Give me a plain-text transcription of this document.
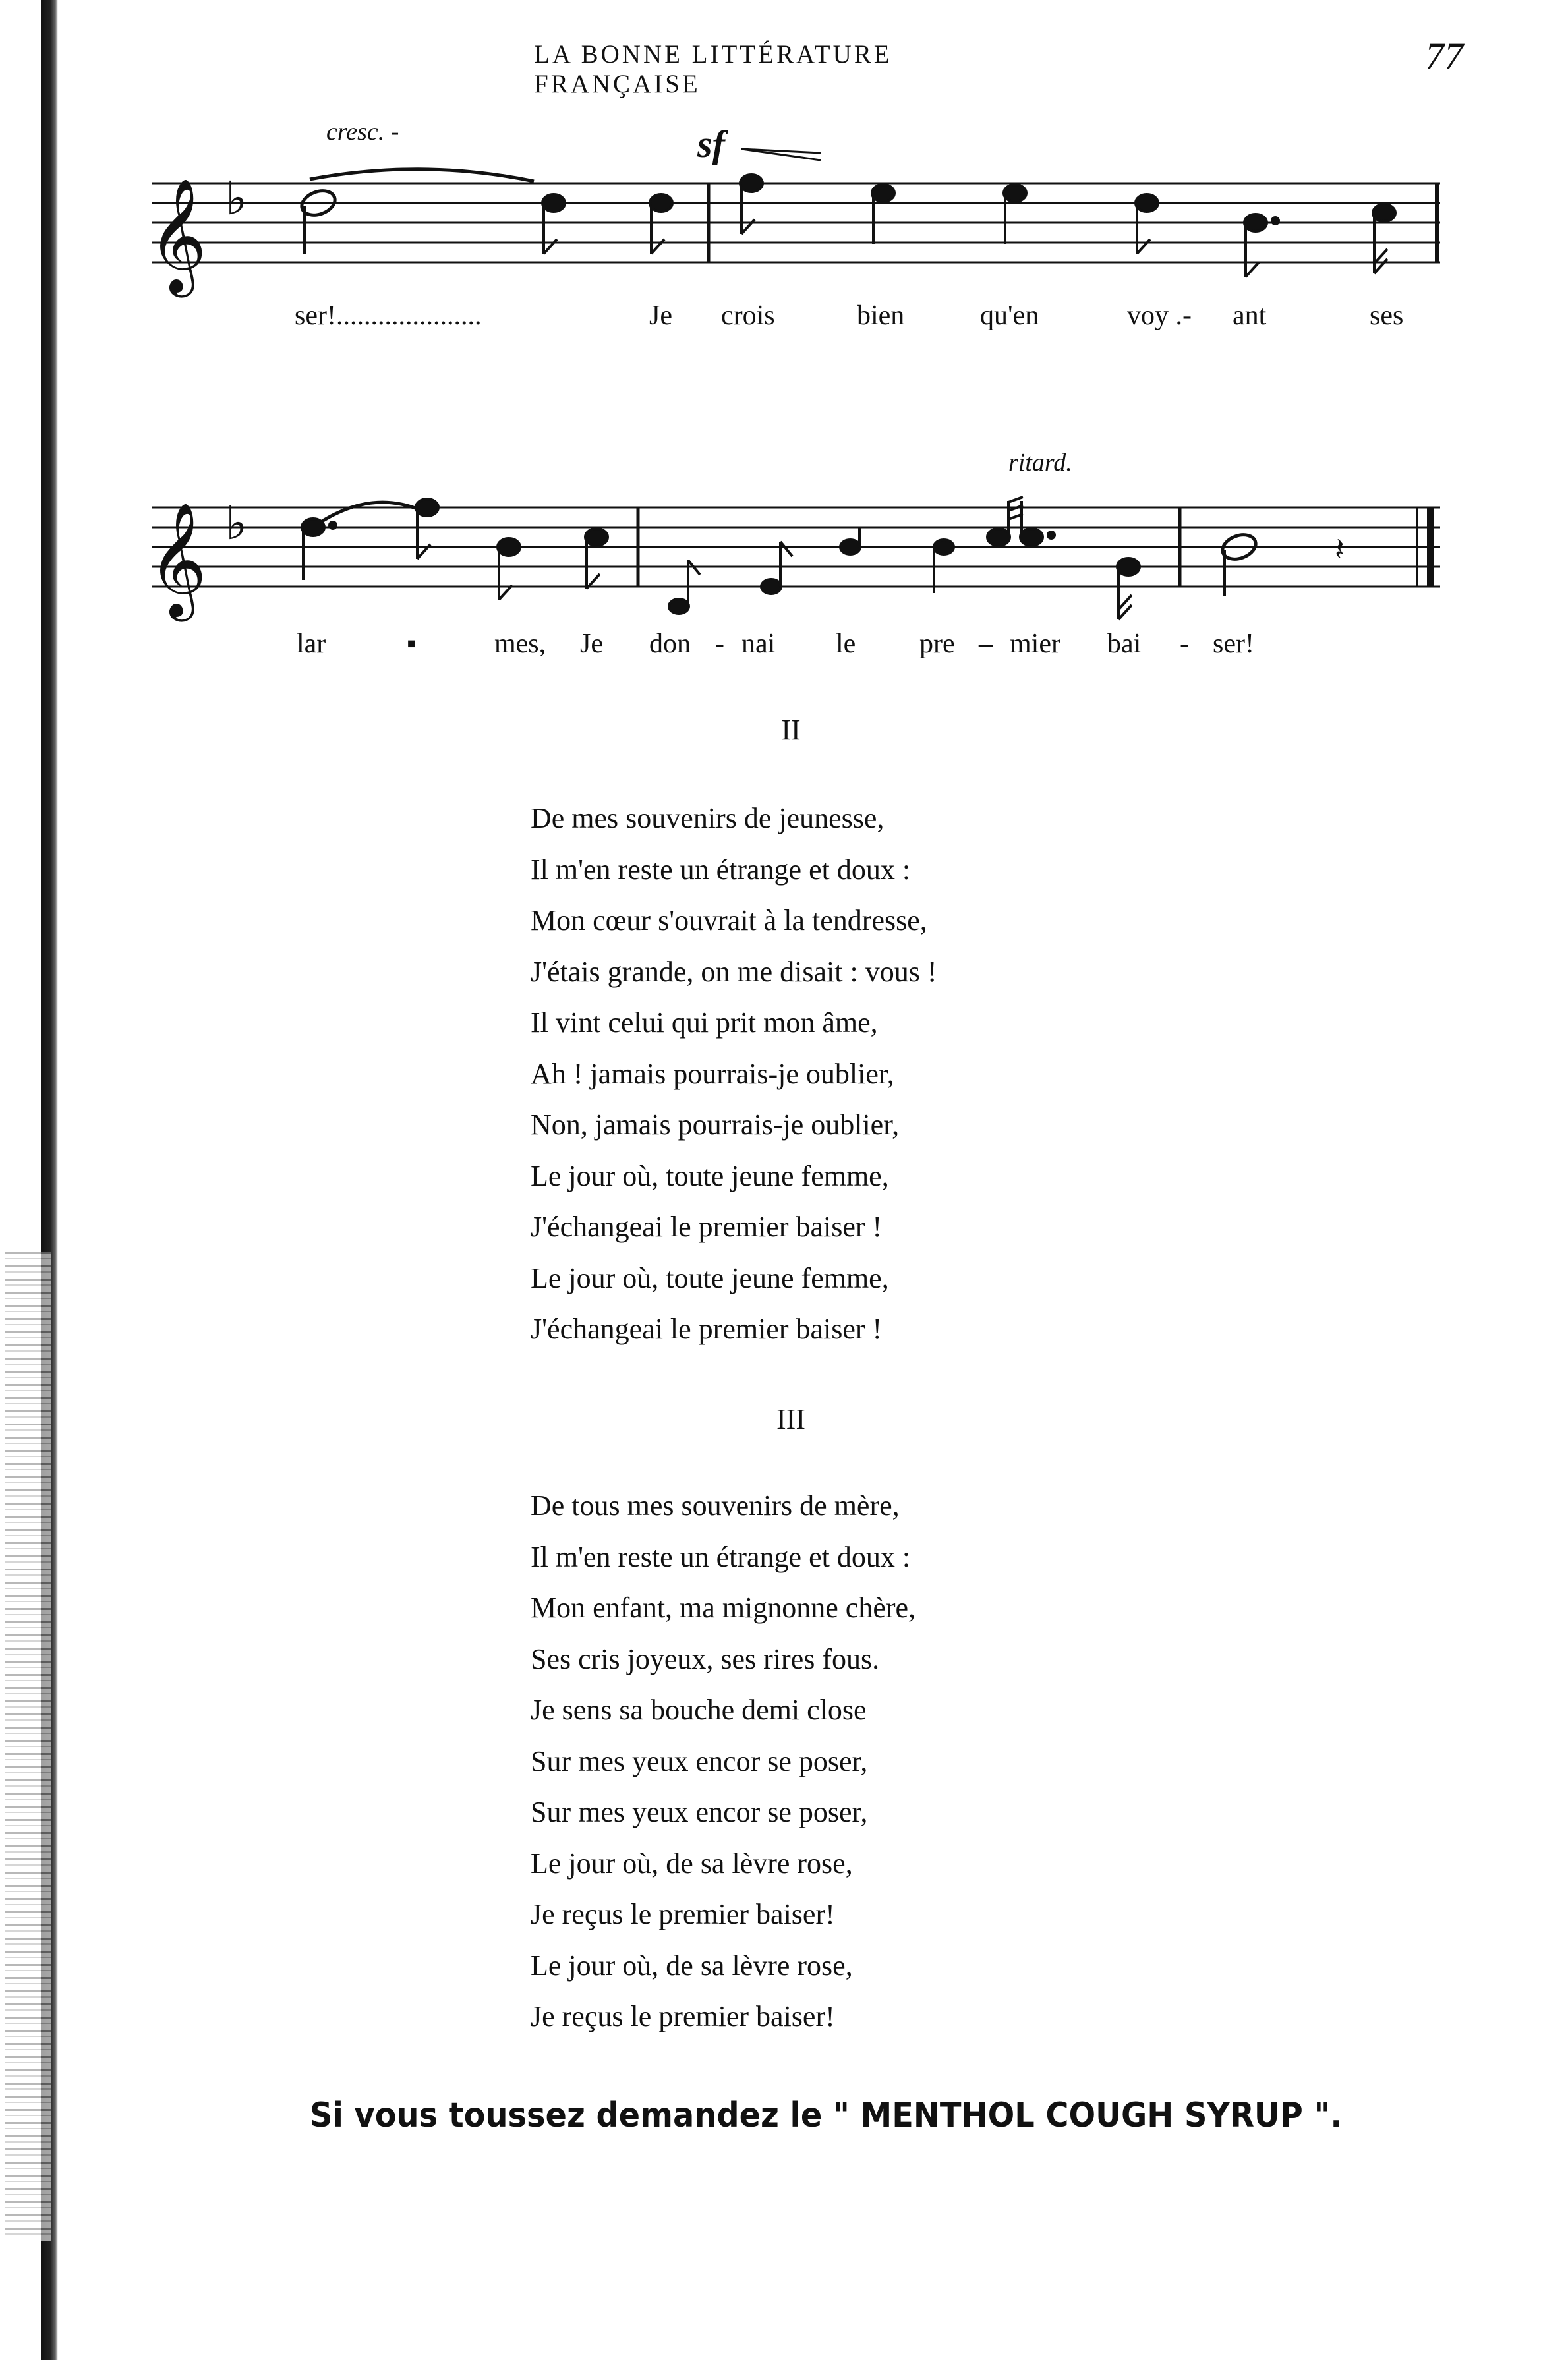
LA BONNE LITTÉRATURE FRANÇAISE
77
𝄞 ♭
𝄞 ♭	𝄽
cresc. -	sf
ritard.
ser!.....................	Je crois	bien	qu'en	voy .- ant	ses
lar	▪	mes, Je don - nai le pre – mier bai - ser!
II
De mes souvenirs de jeunesse,
Il m'en reste un étrange et doux :
Mon cœur s'ouvrait à la tendresse,
J'étais grande, on me disait : vous !
Il vint celui qui prit mon âme,
Ah ! jamais pourrais-je oublier,
Non, jamais pourrais-je oublier,
Le jour où, toute jeune femme,
J'échangeai le premier baiser !
Le jour où, toute jeune femme,
J'échangeai le premier baiser !
III
De tous mes souvenirs de mère,
Il m'en reste un étrange et doux :
Mon enfant, ma mignonne chère,
Ses cris joyeux, ses rires fous.
Je sens sa bouche demi close
Sur mes yeux encor se poser,
Sur mes yeux encor se poser,
Le jour où, de sa lèvre rose,
Je reçus le premier baiser!
Le jour où, de sa lèvre rose,
Je reçus le premier baiser!
Si vous toussez demandez le " MENTHOL COUGH SYRUP ".
